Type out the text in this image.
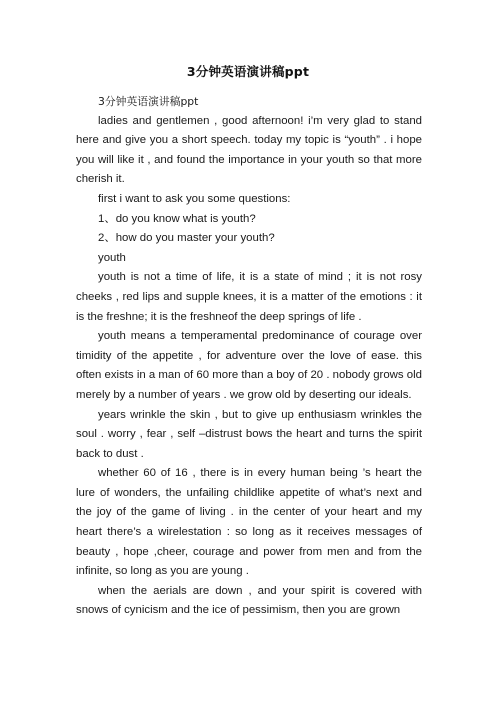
3分钟英语演讲稿ppt

3分钟英语演讲稿ppt

ladies and gentlemen , good afternoon! i’m very glad to stand here and give you a short speech. today my topic is “youth” . i hope you will like it , and found the importance in your youth so that more cherish it.

first i want to ask you some questions:

1、do you know what is youth?

2、how do you master your youth?

youth

youth is not a time of life, it is a state of mind ; it is not rosy cheeks , red lips and supple knees, it is a matter of the emotions : it is the freshne; it is the freshneof the deep springs of life .

youth means a temperamental predominance of courage over timidity of the appetite , for adventure over the love of ease. this often exists in a man of 60 more than a boy of 20 . nobody grows old merely by a number of years . we grow old by deserting our ideals.

years wrinkle the skin , but to give up enthusiasm wrinkles the soul . worry , fear , self –distrust bows the heart and turns the spirit back to dust .

whether 60 of 16 , there is in every human being ’s heart the lure of wonders, the unfailing childlike appetite of what’s next and the joy of the game of living . in the center of your heart and my heart there’s a wirelestation : so long as it receives messages of beauty , hope ,cheer, courage and power from men and from the infinite, so long as you are young .

when the aerials are down , and your spirit is covered with snows of cynicism and the ice of pessimism, then you are grown
